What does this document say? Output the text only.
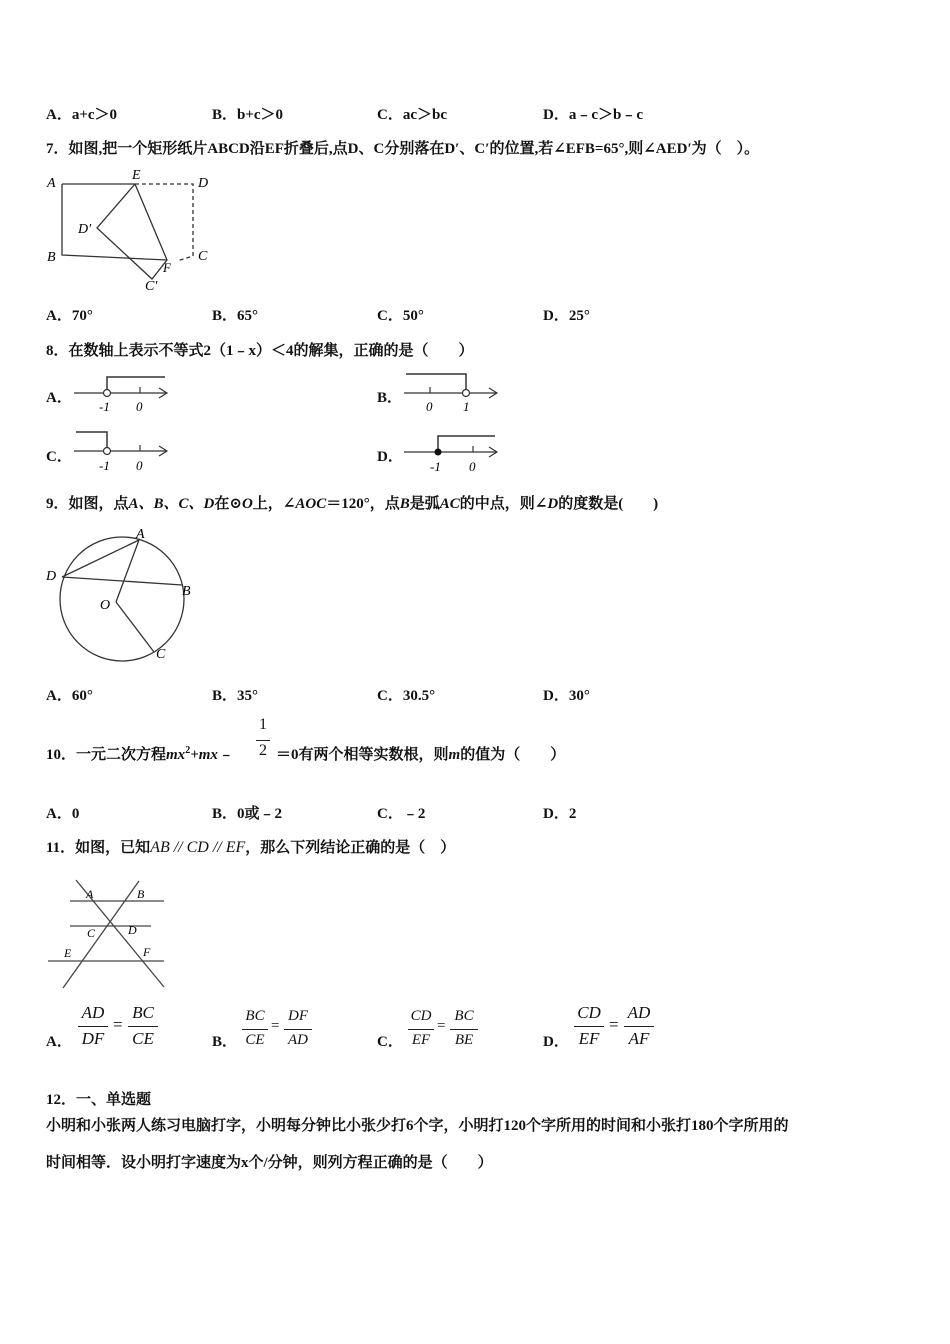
A．a+c＞0	B．b+c＞0	C．ac＞bc	D．a﹣c＞b﹣c
7．如图,把一个矩形纸片ABCD沿EF折叠后,点D、C分别落在D′、C′的位置,若∠EFB=65°,则∠AED′为（　）。
A
B	C
D
E
F
D′
C′
A．70°	B．65°	C．50°	D．25°
8．在数轴上表示不等式2（1﹣x）＜4的解集，正确的是（　　）
A．
-1 0
B．
0 1
C．
-1 0
D．
-1 0
9．如图，点A、B、C、D在⊙O上，∠AOC＝120°，点B是弧AC的中点，则∠D的度数是(　　)
A
B
C
D
O
A．60°	B．35°	C．30.5°	D．30°
10．一元二次方程$mx^2+mx﹣$
1
2 ＝0有两个相等实数根，则m的值为（　　）
A．0	B．0或﹣2	C．﹣2	D．2
11．如图，已知AB // CD // EF，那么下列结论正确的是（　）
A	B
C	D
E	F
A．
AD
DF
=
BC
CE	B．
BC
CE
=
DF
AD	C．
CD
EF
=
BC
BE	D．
CD
EF
=
AD
AF
12．一、单选题
小明和小张两人练习电脑打字，小明每分钟比小张少打6个字，小明打120个字所用的时间和小张打180个字所用的
时间相等．设小明打字速度为x个/分钟，则列方程正确的是（　　）
